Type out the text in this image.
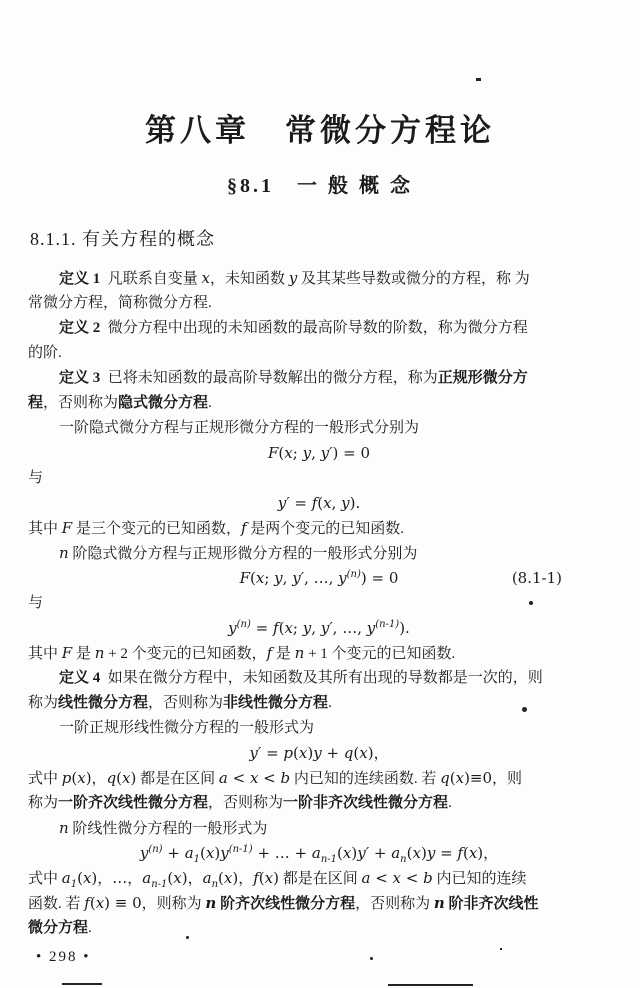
第八章　常微分方程论
§8.1　一 般 概 念
8.1.1. 有关方程的概念
定义 1  凡联系自变量 x，未知函数 y 及其某些导数或微分的方程，称 为
常微分方程，简称微分方程.
定义 2  微分方程中出现的未知函数的最高阶导数的阶数，称为微分方程
的阶.
定义 3  已将未知函数的最高阶导数解出的微分方程，称为正规形微分方
程，否则称为隐式微分方程.
一阶隐式微分方程与正规形微分方程的一般形式分别为
F(x; y, y′) = 0
与
y′ = f(x, y).
其中 F 是三个变元的已知函数，f 是两个变元的已知函数.
n 阶隐式微分方程与正规形微分方程的一般形式分别为
F(x; y, y′, …, $y^{(n)}) = 0$	(8.1-1)
与
$y^{(n)} = f(x$; y, y′, …, $y^{(n-1)}$).
其中 F 是 n + 2 个变元的已知函数，f 是 n + 1 个变元的已知函数.
定义 4  如果在微分方程中，未知函数及其所有出现的导数都是一次的，则
称为线性微分方程，否则称为非线性微分方程.
一阶正规形线性微分方程的一般形式为
y′ = p(x)y + q(x)，
式中 p(x)，q(x) 都是在区间 a < x < b 内已知的连续函数. 若 q(x)≡0，则
称为一阶齐次线性微分方程，否则称为一阶非齐次线性微分方程.
n 阶线性微分方程的一般形式为
$y^{(n)} + a_1(x)y^{(n-1)}$ + … + $a_{n-1}(x)y' + a_n(x)y = f(x)$，
式中 $a_1(x)$，…，$a_{n-1}(x)$，$a_n(x)$，f(x) 都是在区间 a < x < b 内已知的连续
函数. 若 f(x) ≡ 0，则称为 n 阶齐次线性微分方程，否则称为 n 阶非齐次线性
微分方程.
• 298 •
